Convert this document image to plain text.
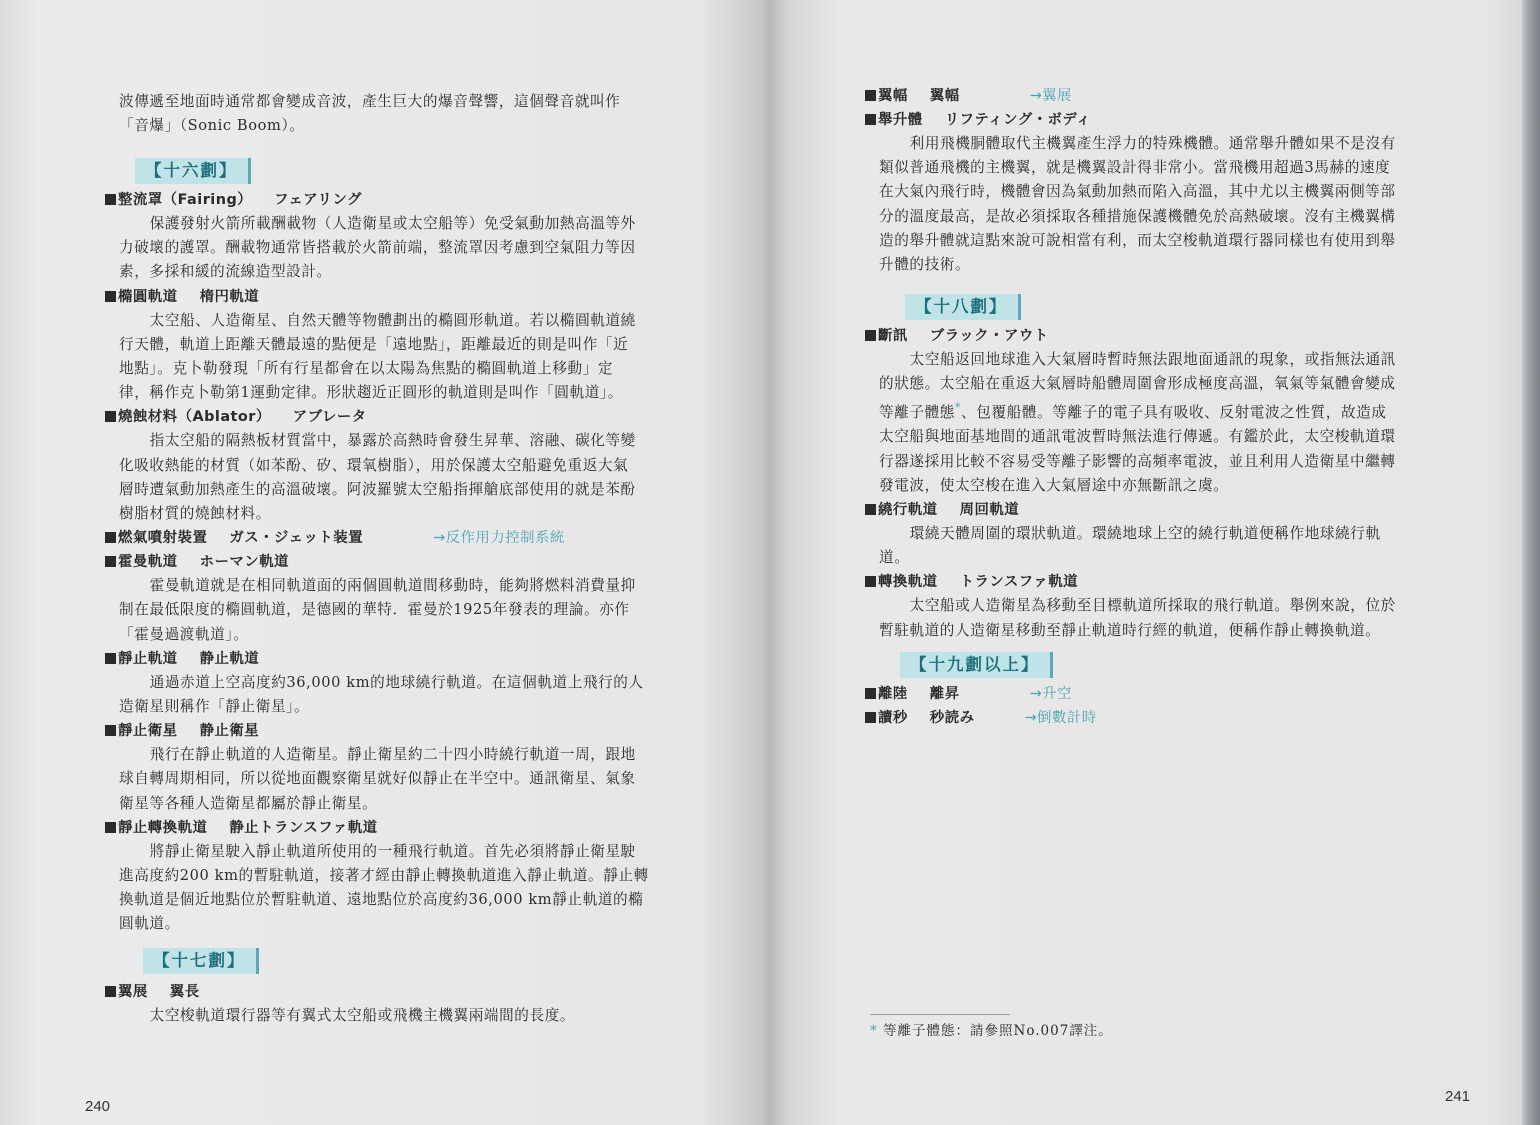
波傳遞至地面時通常都會變成音波，產生巨大的爆音聲響，這個聲音就叫作

「音爆」（Sonic Boom）。

【十六劃】

整流罩（Fairing） フェアリング

保護發射火箭所載酬載物（人造衛星或太空船等）免受氣動加熱高溫等外

力破壞的護罩。酬載物通常皆搭載於火箭前端，整流罩因考慮到空氣阻力等因

素，多採和緩的流線造型設計。

橢圓軌道 楕円軌道

太空船、人造衛星、自然天體等物體劃出的橢圓形軌道。若以橢圓軌道繞

行天體，軌道上距離天體最遠的點便是「遠地點」，距離最近的則是叫作「近

地點」。克卜勒發現「所有行星都會在以太陽為焦點的橢圓軌道上移動」定

律，稱作克卜勒第1運動定律。形狀趨近正圓形的軌道則是叫作「圓軌道」。

燒蝕材料（Ablator） アブレータ

指太空船的隔熱板材質當中，暴露於高熱時會發生昇華、溶融、碳化等變

化吸收熱能的材質（如苯酚、矽、環氧樹脂），用於保護太空船避免重返大氣

層時遭氣動加熱產生的高溫破壞。阿波羅號太空船指揮艙底部使用的就是苯酚

樹脂材質的燒蝕材料。

燃氣噴射裝置 ガス・ジェット装置	→反作用力控制系統

霍曼軌道 ホーマン軌道

霍曼軌道就是在相同軌道面的兩個圓軌道間移動時，能夠將燃料消費量抑

制在最低限度的橢圓軌道，是德國的華特．霍曼於1925年發表的理論。亦作

「霍曼過渡軌道」。

靜止軌道 静止軌道

通過赤道上空高度約36,000 km的地球繞行軌道。在這個軌道上飛行的人

造衛星則稱作「靜止衛星」。

靜止衛星 静止衛星

飛行在靜止軌道的人造衛星。靜止衛星約二十四小時繞行軌道一周，跟地

球自轉周期相同，所以從地面觀察衛星就好似靜止在半空中。通訊衛星、氣象

衛星等各種人造衛星都屬於靜止衛星。

靜止轉換軌道 静止トランスファ軌道

將靜止衛星駛入靜止軌道所使用的一種飛行軌道。首先必須將靜止衛星駛

進高度約200 km的暫駐軌道，接著才經由靜止轉換軌道進入靜止軌道。靜止轉

換軌道是個近地點位於暫駐軌道、遠地點位於高度約36,000 km靜止軌道的橢

圓軌道。

【十七劃】

翼展 翼長

太空梭軌道環行器等有翼式太空船或飛機主機翼兩端間的長度。

240

翼幅 翼幅	→翼展

舉升體 リフティング・ボディ

利用飛機胴體取代主機翼產生浮力的特殊機體。通常舉升體如果不是沒有

類似普通飛機的主機翼，就是機翼設計得非常小。當飛機用超過3馬赫的速度

在大氣內飛行時，機體會因為氣動加熱而陷入高溫，其中尤以主機翼兩側等部

分的溫度最高，是故必須採取各種措施保護機體免於高熱破壞。沒有主機翼構

造的舉升體就這點來說可說相當有利，而太空梭軌道環行器同樣也有使用到舉

升體的技術。

【十八劃】

斷訊 ブラック・アウト

太空船返回地球進入大氣層時暫時無法跟地面通訊的現象，或指無法通訊

的狀態。太空船在重返大氣層時船體周圍會形成極度高溫，氧氣等氣體會變成

等離子體態*、包覆船體。等離子的電子具有吸收、反射電波之性質，故造成

太空船與地面基地間的通訊電波暫時無法進行傳遞。有鑑於此，太空梭軌道環

行器遂採用比較不容易受等離子影響的高頻率電波，並且利用人造衛星中繼轉

發電波，使太空梭在進入大氣層途中亦無斷訊之虞。

繞行軌道 周回軌道

環繞天體周圍的環狀軌道。環繞地球上空的繞行軌道便稱作地球繞行軌

道。

轉換軌道 トランスファ軌道

太空船或人造衛星為移動至目標軌道所採取的飛行軌道。舉例來說，位於

暫駐軌道的人造衛星移動至靜止軌道時行經的軌道，便稱作靜止轉換軌道。

【十九劃以上】

離陸 離昇	→升空

讀秒 秒読み	→倒數計時

* 等離子體態：請參照No.007譯注。

241
